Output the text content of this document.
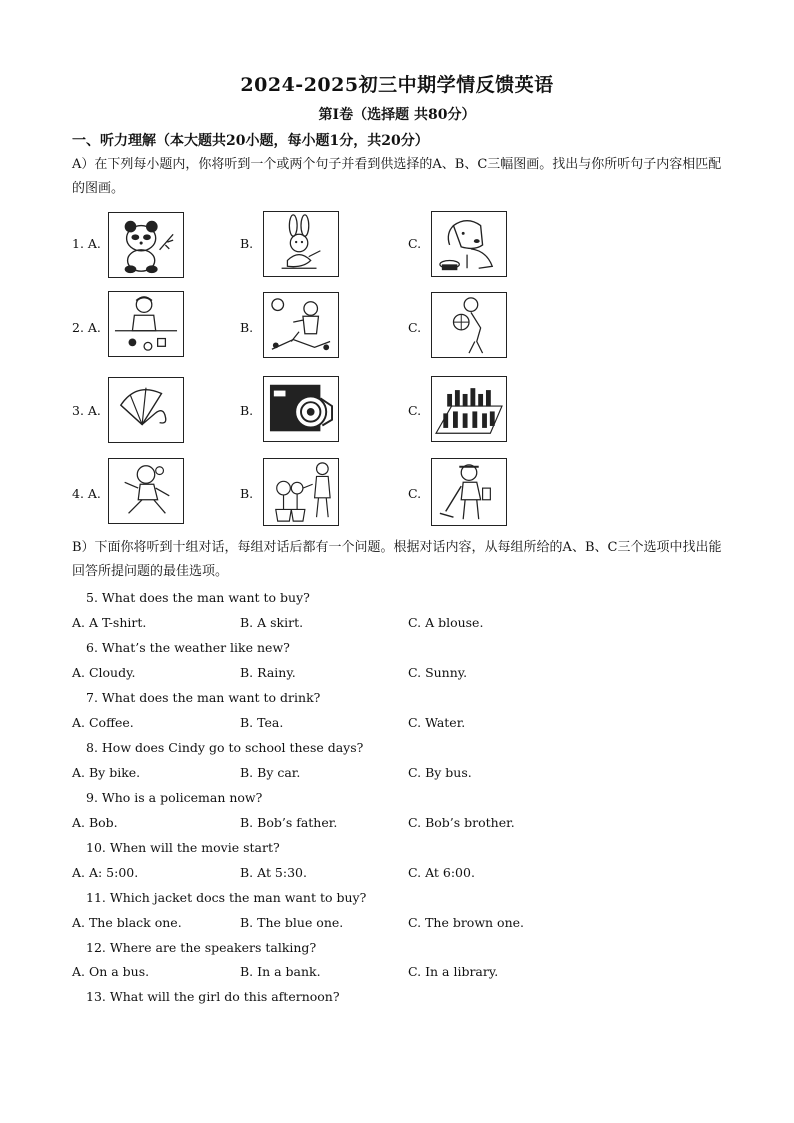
2024-2025初三中期学情反馈英语
第I卷（选择题 共80分）
一、听力理解（本大题共20小题，每小题1分，共20分）
A）在下列每小题内，你将听到一个或两个句子并看到供选择的A、B、C三幅图画。找出与你所听句子内容相匹配的图画。
1. A.	B.	C.
2. A.	B.	C.
3. A.	B.	C.
4. A.	B.	C.
B）下面你将听到十组对话，每组对话后都有一个问题。根据对话内容，从每组所给的A、B、C三个选项中找出能回答所提问题的最佳选项。
5. What does the man want to buy?
A. A T-shirt.	B. A skirt.	C. A blouse.
6. What’s the weather like new?
A. Cloudy.	B. Rainy.	C. Sunny.
7. What does the man want to drink?
A. Coffee.	B. Tea.	C. Water.
8. How does Cindy go to school these days?
A. By bike.	B. By car.	C. By bus.
9. Who is a policeman now?
A. Bob.	B. Bob’s father.	C. Bob’s brother.
10. When will the movie start?
A. A: 5:00.	B. At 5:30.	C. At 6:00.
11. Which jacket docs the man want to buy?
A. The black one.	B. The blue one.	C. The brown one.
12. Where are the speakers talking?
A. On a bus.	B. In a bank.	C. In a library.
13. What will the girl do this afternoon?
